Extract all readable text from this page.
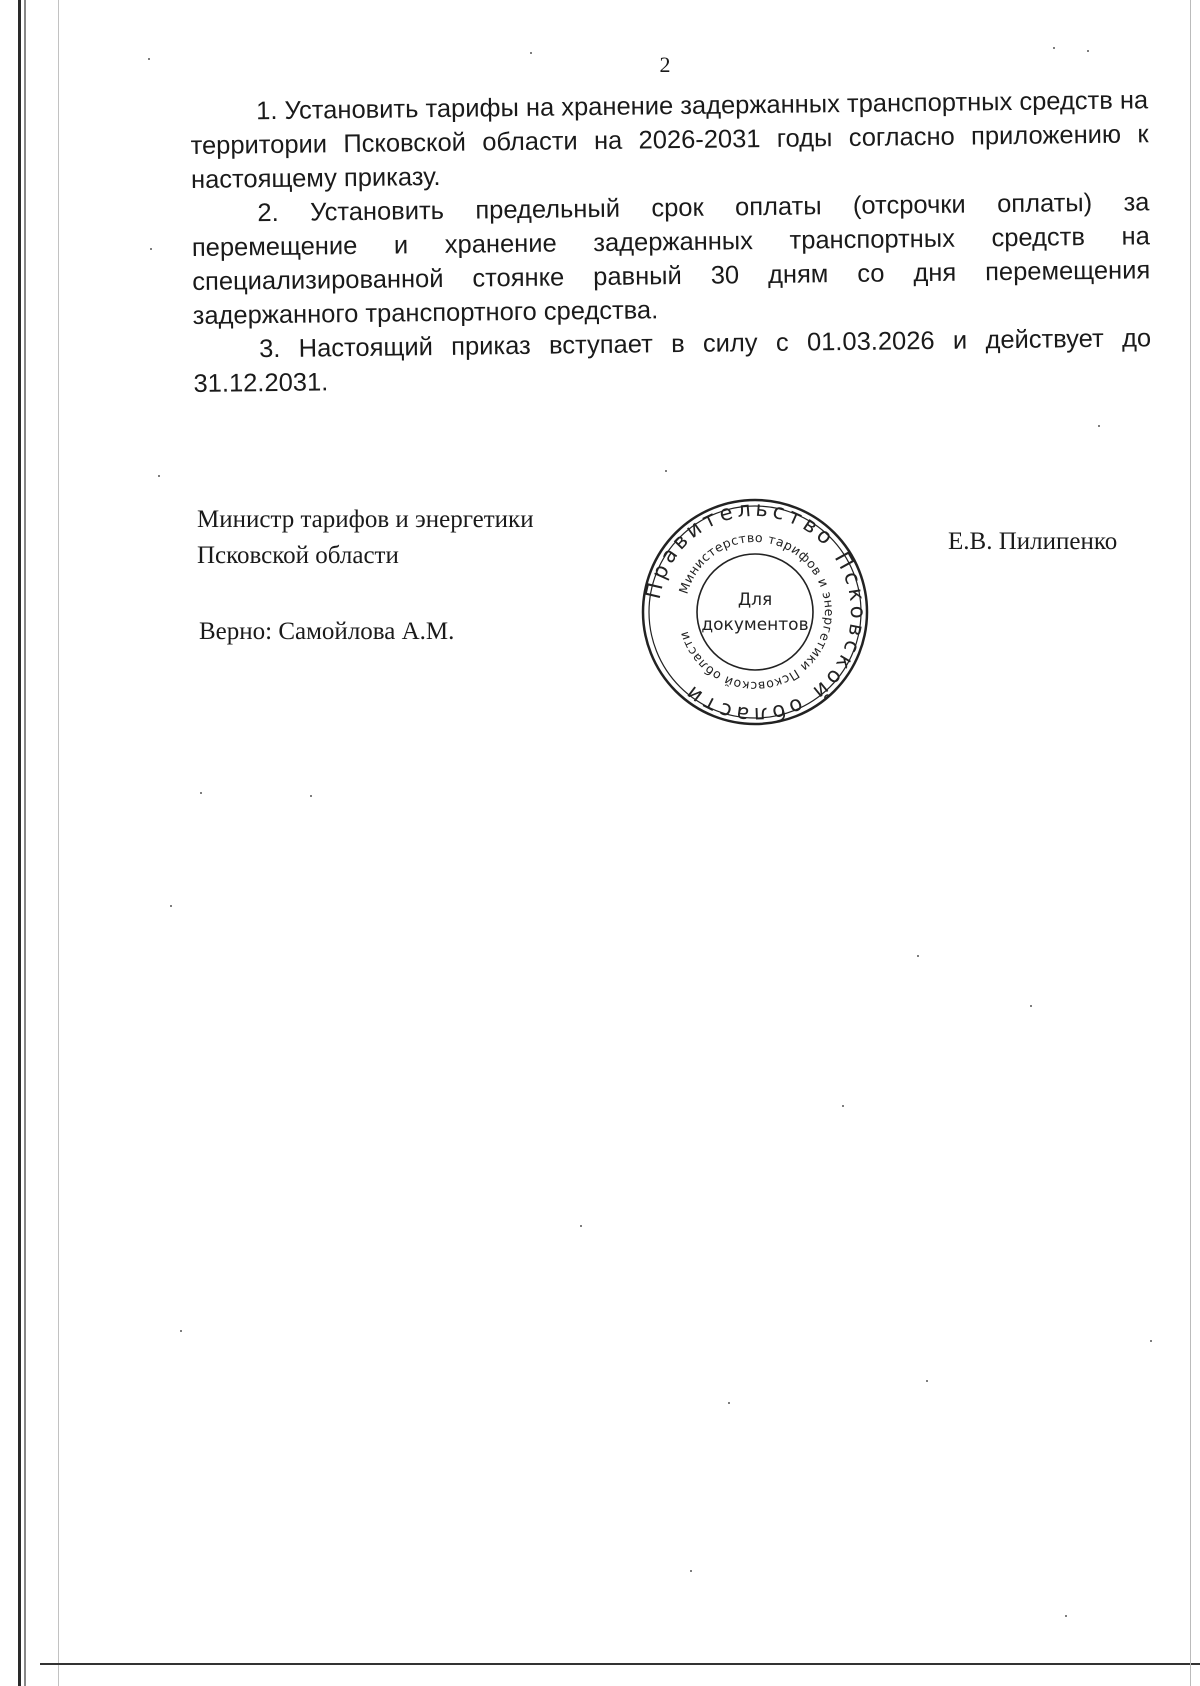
2

1. Установить тарифы на хранение задержанных транспортных средств на территории Псковской области на 2026-2031 годы согласно приложению к настоящему приказу.

2. Установить предельный срок оплаты (отсрочки оплаты) за перемещение и хранение задержанных транспортных средств на специализированной стоянке равный 30 дням со дня перемещения задержанного транспортного средства.

3. Настоящий приказ вступает в силу с 01.03.2026 и действует до 31.12.2031.

Министр тарифов и энергетики
Псковской области
Е.В. Пилипенко
Верно: Самойлова А.М.
Правительство Псковской области
Министерство тарифов и энергетики Псковской области
Для
документов
